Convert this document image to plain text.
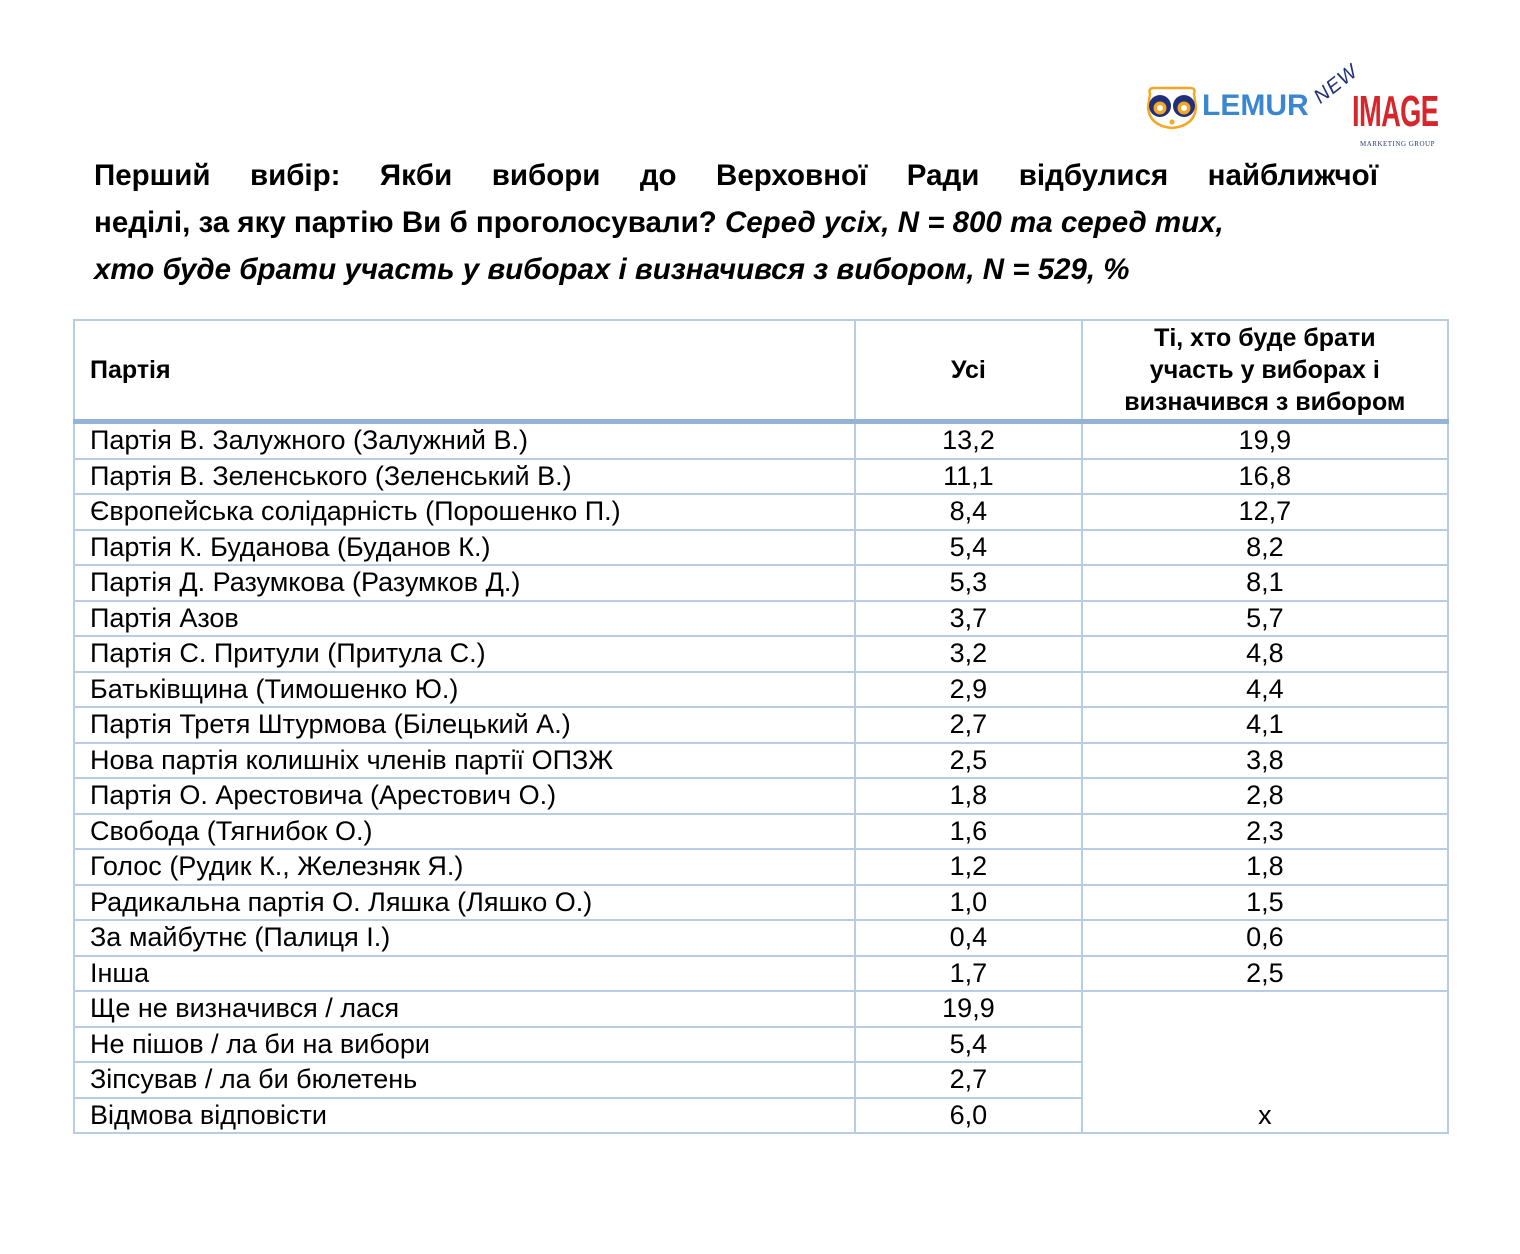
LEMUR NEW
IMAGE
MARKETING GROUP
Перший вибір: Якби вибори до Верховної Ради відбулися найближчої
неділі, за яку партію Ви б проголосували? Серед усіх, N = 800 та серед тих,
хто буде брати участь у виборах і визначився з вибором, N = 529, %
Партія	Усі	Ті, хто буде брати участь у виборах і визначився з вибором

Партія В. Залужного (Залужний В.)	13,2	19,9
Партія В. Зеленського (Зеленський В.)	11,1	16,8
Європейська солідарність (Порошенко П.)	8,4	12,7
Партія К. Буданова (Буданов К.)	5,4	8,2
Партія Д. Разумкова (Разумков Д.)	5,3	8,1
Партія Азов	3,7	5,7
Партія С. Притули (Притула С.)	3,2	4,8
Батьківщина (Тимошенко Ю.)	2,9	4,4
Партія Третя Штурмова (Білецький А.)	2,7	4,1
Нова партія колишніх членів партії ОПЗЖ	2,5	3,8
Партія О. Арестовича (Арестович О.)	1,8	2,8
Свобода (Тягнибок О.)	1,6	2,3
Голос (Рудик К., Железняк Я.)	1,2	1,8
Радикальна партія О. Ляшка (Ляшко О.)	1,0	1,5
За майбутнє (Палиця І.)	0,4	0,6
Інша	1,7	2,5
Ще не визначився / лася	19,9	x
Не пішов / ла би на вибори	5,4	
Зіпсував / ла би бюлетень	2,7	
Відмова відповісти	6,0	
